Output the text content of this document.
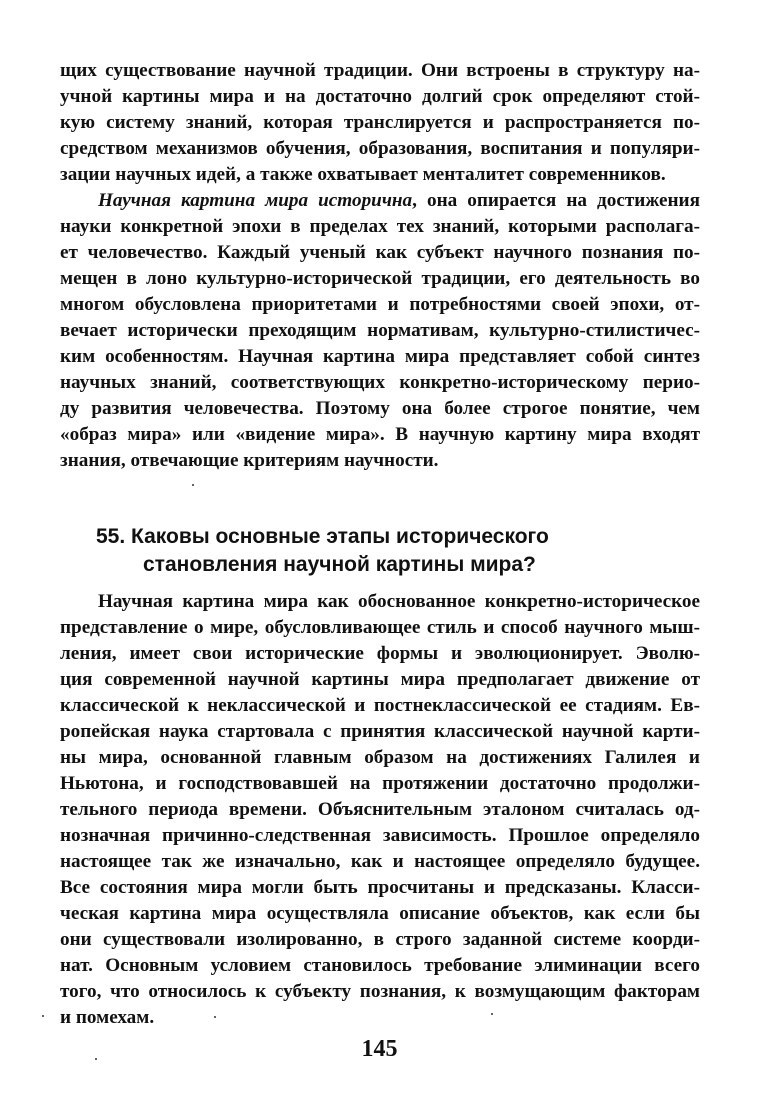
щих существование научной традиции. Они встроены в структуру на-
учной картины мира и на достаточно долгий срок определяют стой-
кую систему знаний, которая транслируется и распространяется по-
средством механизмов обучения, образования, воспитания и популяри-
зации научных идей, а также охватывает менталитет современников.
Научная картина мира исторична, она опирается на достижения
науки конкретной эпохи в пределах тех знаний, которыми располага-
ет человечество. Каждый ученый как субъект научного познания по-
мещен в лоно культурно-исторической традиции, его деятельность во
многом обусловлена приоритетами и потребностями своей эпохи, от-
вечает исторически преходящим нормативам, культурно-стилистичес-
ким особенностям. Научная картина мира представляет собой синтез
научных знаний, соответствующих конкретно-историческому перио-
ду развития человечества. Поэтому она более строгое понятие, чем
«образ мира» или «видение мира». В научную картину мира входят
знания, отвечающие критериям научности.
55. Каковы основные этапы исторического
становления научной картины мира?
Научная картина мира как обоснованное конкретно-историческое
представление о мире, обусловливающее стиль и способ научного мыш-
ления, имеет свои исторические формы и эволюционирует. Эволю-
ция современной научной картины мира предполагает движение от
классической к неклассической и постнеклассической ее стадиям. Ев-
ропейская наука стартовала с принятия классической научной карти-
ны мира, основанной главным образом на достижениях Галилея и
Ньютона, и господствовавшей на протяжении достаточно продолжи-
тельного периода времени. Объяснительным эталоном считалась од-
нозначная причинно-следственная зависимость. Прошлое определяло
настоящее так же изначально, как и настоящее определяло будущее.
Все состояния мира могли быть просчитаны и предсказаны. Класси-
ческая картина мира осуществляла описание объектов, как если бы
они существовали изолированно, в строго заданной системе коорди-
нат. Основным условием становилось требование элиминации всего
того, что относилось к субъекту познания, к возмущающим факторам
и помехам.
145
